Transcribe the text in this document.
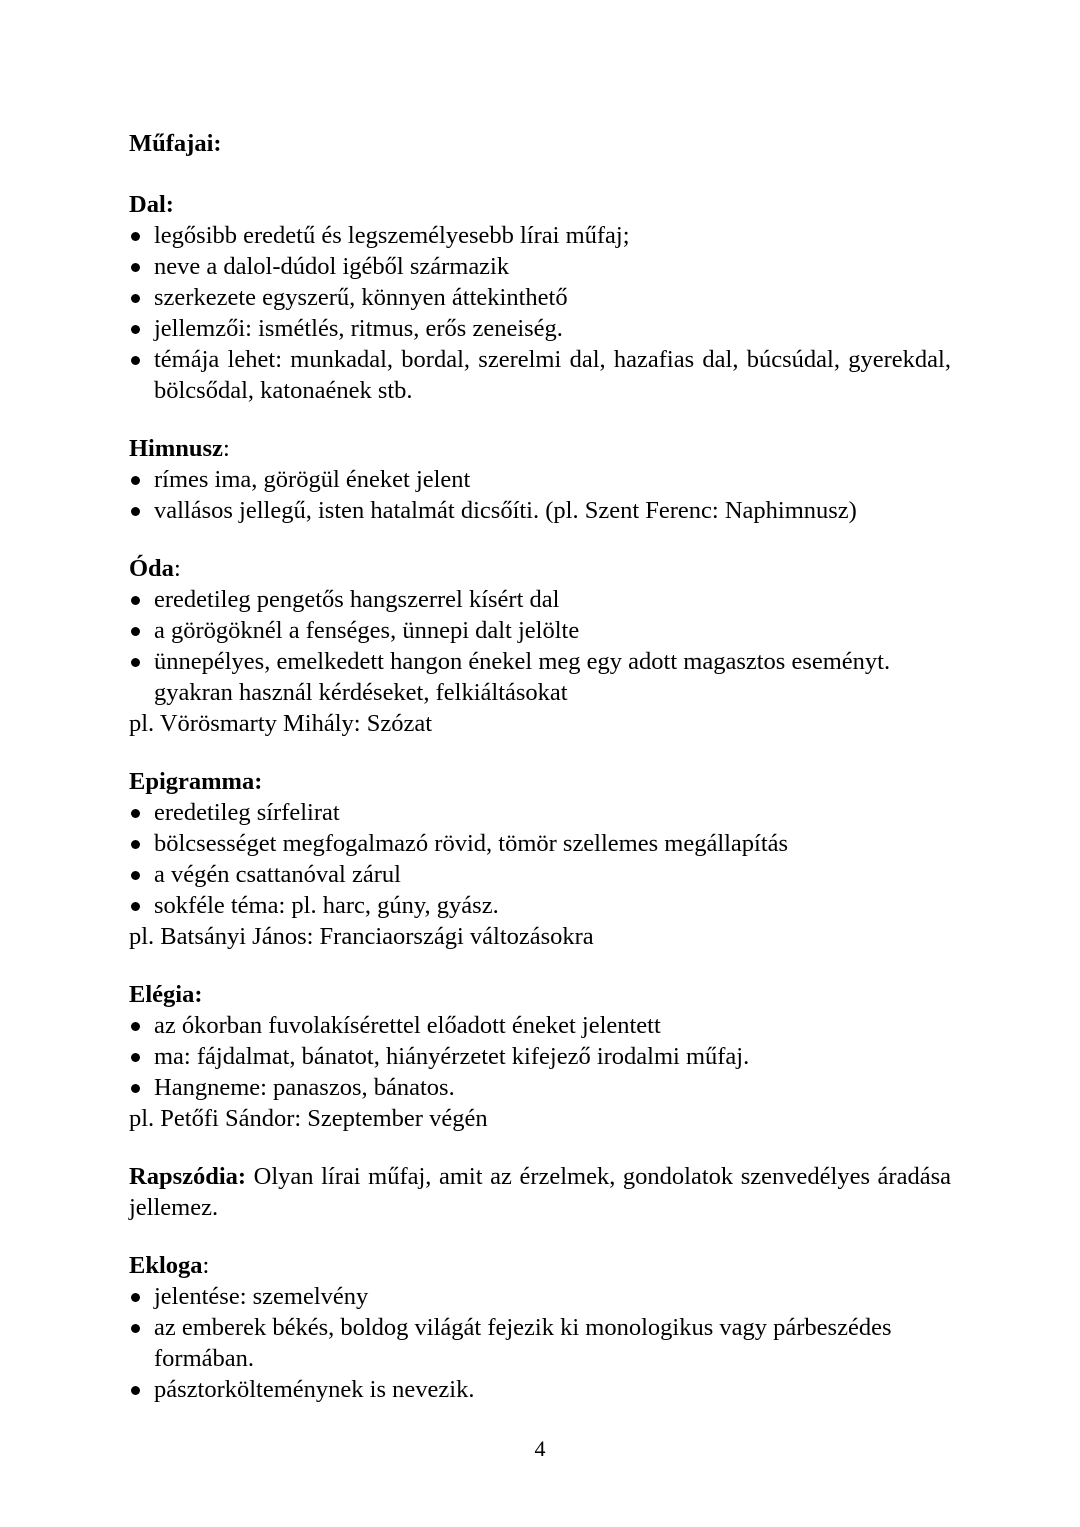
Műfajai:

Dal:

legősibb eredetű és legszemélyesebb lírai műfaj;
neve a dalol-dúdol igéből származik
szerkezete egyszerű, könnyen áttekinthető
jellemzői: ismétlés, ritmus, erős zeneiség.
témája lehet: munkadal, bordal, szerelmi dal, hazafias dal, búcsúdal, gyerekdal, bölcsődal, katonaének stb.

Himnusz:

rímes ima, görögül éneket jelent
vallásos jellegű, isten hatalmát dicsőíti. (pl. Szent Ferenc: Naphimnusz)

Óda:

eredetileg pengetős hangszerrel kísért dal
a görögöknél a fenséges, ünnepi dalt jelölte
ünnepélyes, emelkedett hangon énekel meg egy adott magasztos eseményt.
gyakran használ kérdéseket, felkiáltásokat

pl. Vörösmarty Mihály: Szózat

Epigramma:

eredetileg sírfelirat
bölcsességet megfogalmazó rövid, tömör szellemes megállapítás
a végén csattanóval zárul
sokféle téma: pl. harc, gúny, gyász.

pl. Batsányi János: Franciaországi változásokra

Elégia:

az ókorban fuvolakísérettel előadott éneket jelentett
ma: fájdalmat, bánatot, hiányérzetet kifejező irodalmi műfaj.
Hangneme: panaszos, bánatos.

pl. Petőfi Sándor: Szeptember végén

Rapszódia: Olyan lírai műfaj, amit az érzelmek, gondolatok szenvedélyes áradása jellemez.

Ekloga:

jelentése: szemelvény
az emberek békés, boldog világát fejezik ki monologikus vagy párbeszédes formában.
pásztorkölteménynek is nevezik.
4
